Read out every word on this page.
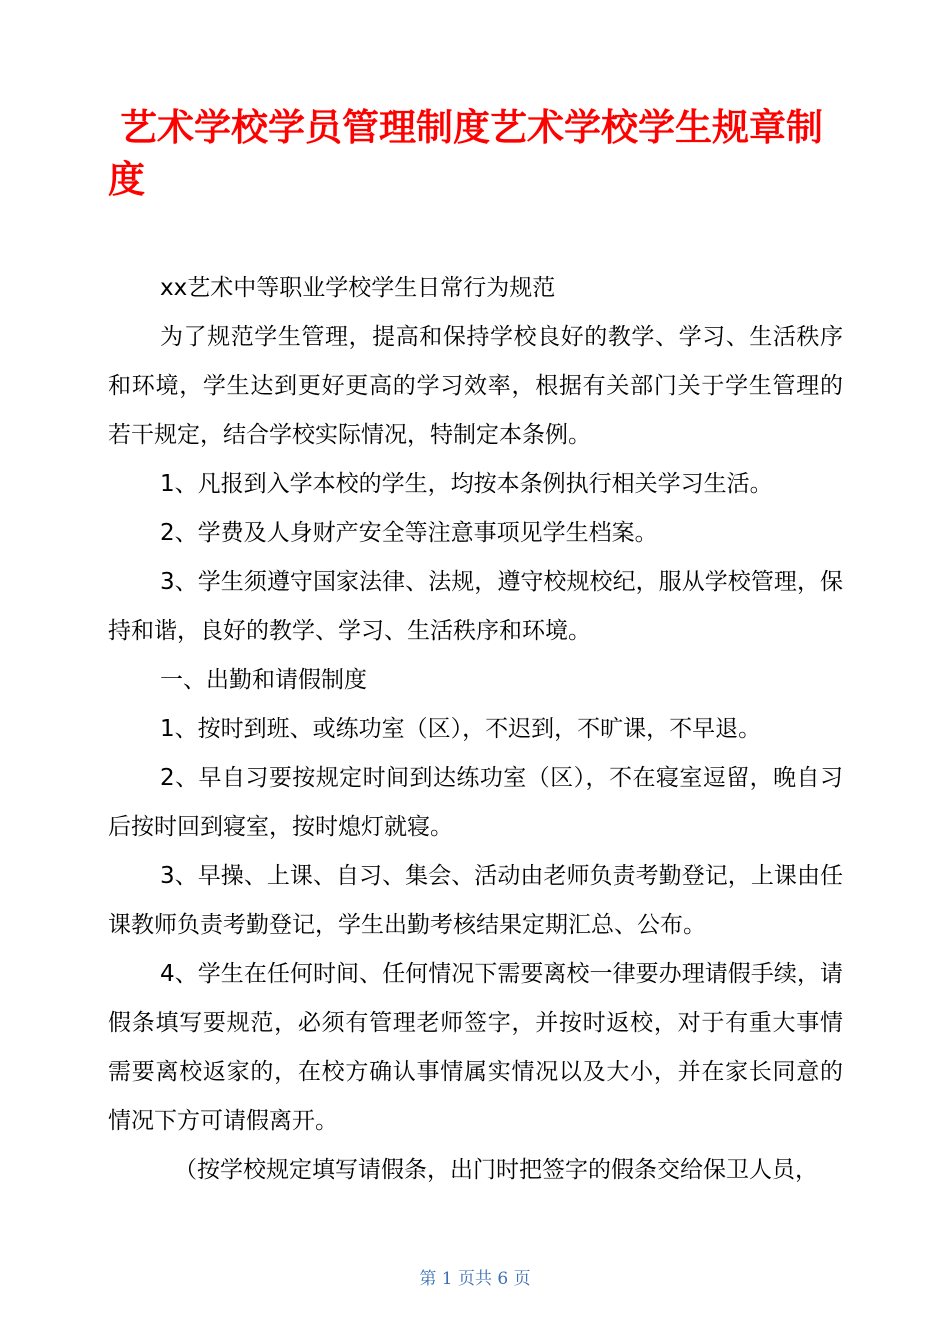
艺术学校学员管理制度艺术学校学生规章制度

xx艺术中等职业学校学生日常行为规范

为了规范学生管理，提高和保持学校良好的教学、学习、生活秩序和环境，学生达到更好更高的学习效率，根据有关部门关于学生管理的若干规定，结合学校实际情况，特制定本条例。

1、凡报到入学本校的学生，均按本条例执行相关学习生活。

2、学费及人身财产安全等注意事项见学生档案。

3、学生须遵守国家法律、法规，遵守校规校纪，服从学校管理，保持和谐，良好的教学、学习、生活秩序和环境。

一、出勤和请假制度

1、按时到班、或练功室（区），不迟到，不旷课，不早退。

2、早自习要按规定时间到达练功室（区），不在寝室逗留，晚自习后按时回到寝室，按时熄灯就寝。

3、早操、上课、自习、集会、活动由老师负责考勤登记，上课由任课教师负责考勤登记，学生出勤考核结果定期汇总、公布。

4、学生在任何时间、任何情况下需要离校一律要办理请假手续，请假条填写要规范，必须有管理老师签字，并按时返校，对于有重大事情需要离校返家的，在校方确认事情属实情况以及大小，并在家长同意的情况下方可请假离开。

（按学校规定填写请假条，出门时把签字的假条交给保卫人员，

第 1 页共 6 页
